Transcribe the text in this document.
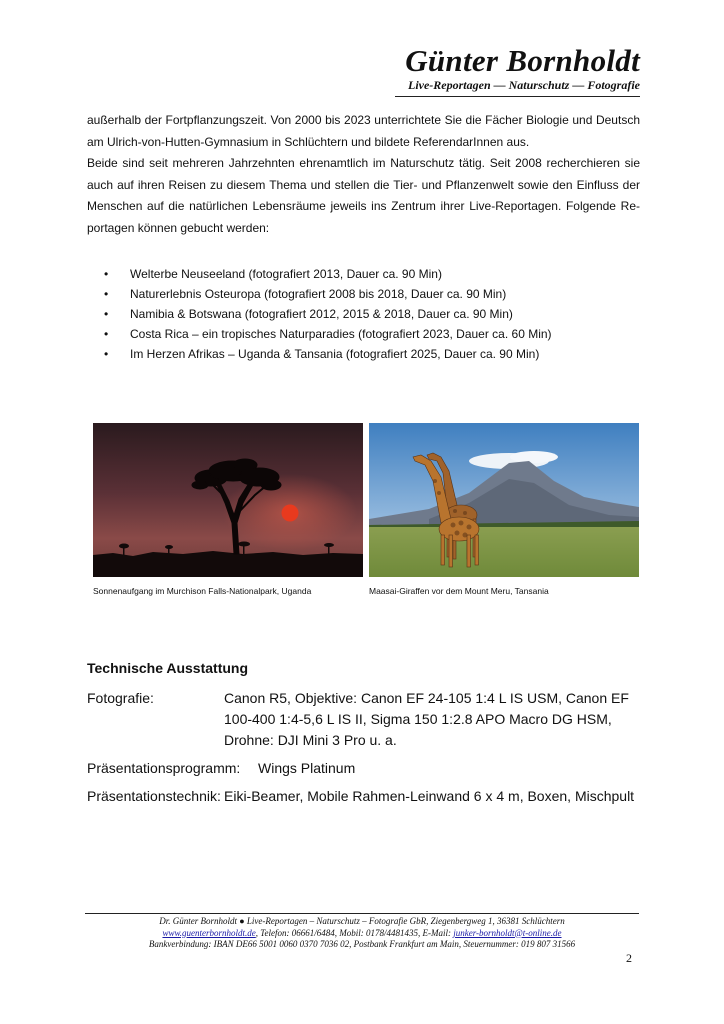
Günter Bornholdt
Live-Reportagen — Naturschutz — Fotografie

außerhalb der Fortpflanzungszeit. Von 2000 bis 2023 unterrichtete Sie die Fächer Biologie und Deutsch am Ulrich-von-Hutten-Gymnasium in Schlüchtern und bildete ReferendarInnen aus.

Beide sind seit mehreren Jahrzehnten ehrenamtlich im Naturschutz tätig. Seit 2008 recherchieren sie auch auf ihren Reisen zu diesem Thema und stellen die Tier- und Pflanzenwelt sowie den Einfluss der Menschen auf die natürlichen Lebensräume jeweils ins Zentrum ihrer Live-Reportagen. Folgende Reportagen können gebucht werden:

• Welterbe Neuseeland (fotografiert 2013, Dauer ca. 90 Min)
• Naturerlebnis Osteuropa (fotografiert 2008 bis 2018, Dauer ca. 90 Min)
• Namibia & Botswana (fotografiert 2012, 2015 & 2018, Dauer ca. 90 Min)
• Costa Rica – ein tropisches Naturparadies (fotografiert 2023, Dauer ca. 60 Min)
• Im Herzen Afrikas – Uganda & Tansania (fotografiert 2025, Dauer ca. 90 Min)
Sonnenaufgang im Murchison Falls-Nationalpark, Uganda	Maasai-Giraffen vor dem Mount Meru, Tansania
Technische Ausstattung
Fotografie:	Canon R5, Objektive: Canon EF 24-105 1:4 L IS USM, Canon EF 100-400 1:4-5,6 L IS II, Sigma 150 1:2.8 APO Macro DG HSM, Drohne: DJI Mini 3 Pro u. a.
Präsentationsprogramm: Wings Platinum
Präsentationstechnik: Eiki-Beamer, Mobile Rahmen-Leinwand 6 x 4 m, Boxen, Mischpult
Dr. Günter Bornholdt ● Live-Reportagen – Naturschutz – Fotografie GbR, Ziegenbergweg 1, 36381 Schlüchtern
www.guenterbornholdt.de, Telefon: 06661/6484, Mobil: 0178/4481435, E-Mail: junker-bornholdt@t-online.de
Bankverbindung: IBAN DE66 5001 0060 0370 7036 02, Postbank Frankfurt am Main, Steuernummer: 019 807 31566
2
